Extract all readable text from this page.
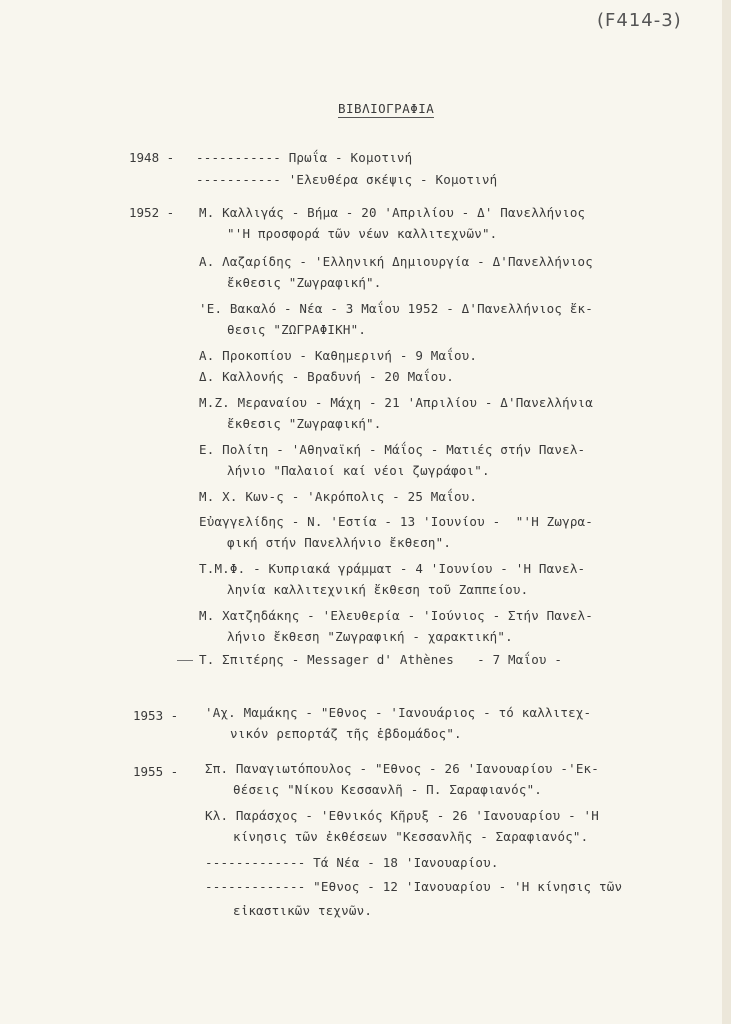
(F414-3)
ΒΙΒΛΙΟΓΡΑΦΙΑ
1948 - ----------- Πρωΐα - Κομοτινή
----------- 'Ελευθέρα σκέψις - Κομοτινή
1952 - Μ. Καλλιγάς - Βήμα - 20 'Απριλίου - Δ' Πανελλήνιος
"'Η προσφορά τῶν νέων καλλιτεχνῶν".
Α. Λαζαρίδης - 'Ελληνική Δημιουργία - Δ'Πανελλήνιος
ἔκθεσις "Ζωγραφική".
'Ε. Βακαλό - Νέα - 3 Μαΐου 1952 - Δ'Πανελλήνιος ἔκ-
θεσις "ΖΩΓΡΑΦΙΚΗ".
Α. Προκοπίου - Καθημερινή - 9 Μαΐου.
Δ. Καλλονής - Βραδυνή - 20 Μαΐου.
Μ.Ζ. Μεραναίου - Μάχη - 21 'Απριλίου - Δ'Πανελλήνια
ἔκθεσις "Ζωγραφική".
Ε. Πολίτη - 'Αθηναϊκή - Μάΐος - Ματιές στήν Πανελ-
λήνιο "Παλαιοί καί νέοι ζωγράφοι".
Μ. Χ. Κων-ς - 'Ακρόπολις - 25 Μαΐου.
Εὐαγγελίδης - Ν. 'Εστία - 13 'Ιουνίου -  "'Η Ζωγρα-
φική στήν Πανελλήνιο ἔκθεση".
Τ.Μ.Φ. - Κυπριακά γράμματ - 4 'Ιουνίου - 'Η Πανελ-
ληνία καλλιτεχνική ἔκθεση τοῦ Ζαππείου.
Μ. Χατζηδάκης - 'Ελευθερία - 'Ιούνιος - Στήν Πανελ-
λήνιο ἔκθεση "Ζωγραφική - χαρακτική".
Τ. Σπιτέρης - Messager d' Athènes   - 7 Μαΐου -
1953 - 'Αχ. Μαμάκης - "Εθνος - 'Ιανουάριος - τό καλλιτεχ-
νικόν ρεπορτάζ τῆς ἑβδομάδος".
1955 - Σπ. Παναγιωτόπουλος - "Εθνος - 26 'Ιανουαρίου -'Εκ-
θέσεις "Νίκου Κεσσανλῆ - Π. Σαραφιανός".
Κλ. Παράσχος - 'Εθνικός Κῆρυξ - 26 'Ιανουαρίου - 'Η
κίνησις τῶν ἐκθέσεων "Κεσσανλῆς - Σαραφιανός".
------------- Τά Νέα - 18 'Ιανουαρίου.
------------- "Εθνος - 12 'Ιανουαρίου - 'Η κίνησις τῶν
εἰκαστικῶν τεχνῶν.
